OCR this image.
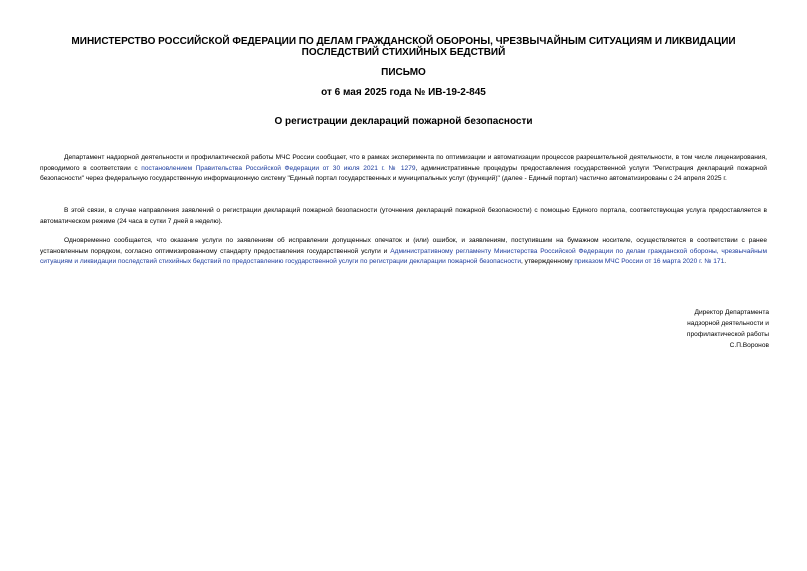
МИНИСТЕРСТВО РОССИЙСКОЙ ФЕДЕРАЦИИ ПО ДЕЛАМ ГРАЖДАНСКОЙ ОБОРОНЫ, ЧРЕЗВЫЧАЙНЫМ СИТУАЦИЯМ И ЛИКВИДАЦИИ ПОСЛЕДСТВИЙ СТИХИЙНЫХ БЕДСТВИЙ
ПИСЬМО
от 6 мая 2025 года № ИВ-19-2-845
О регистрации деклараций пожарной безопасности

Департамент надзорной деятельности и профилактической работы МЧС России сообщает, что в рамках эксперимента по оптимизации и автоматизации процессов разрешительной деятельности, в том числе лицензирования, проводимого в соответствии с постановлением Правительства Российской Федерации от 30 июля 2021 г. № 1279, административные процедуры предоставления государственной услуги "Регистрация деклараций пожарной безопасности" через федеральную государственную информационную систему "Единый портал государственных и муниципальных услуг (функций)" (далее - Единый портал) частично автоматизированы с 24 апреля 2025 г.

В этой связи, в случае направления заявлений о регистрации деклараций пожарной безопасности (уточнения деклараций пожарной безопасности) с помощью Единого портала, соответствующая услуга предоставляется в автоматическом режиме (24 часа в сутки 7 дней в неделю).

Одновременно сообщается, что оказание услуги по заявлениям об исправлении допущенных опечаток и (или) ошибок, и заявлениям, поступившим на бумажном носителе, осуществляется в соответствии с ранее установленным порядком, согласно оптимизированному стандарту предоставления государственной услуги и Административному регламенту Министерства Российской Федерации по делам гражданской обороны, чрезвычайным ситуациям и ликвидации последствий стихийных бедствий по предоставлению государственной услуги по регистрации декларации пожарной безопасности, утвержденному приказом МЧС России от 16 марта 2020 г. № 171.

Директор Департамента
надзорной деятельности и
профилактической работы
С.П.Воронов
